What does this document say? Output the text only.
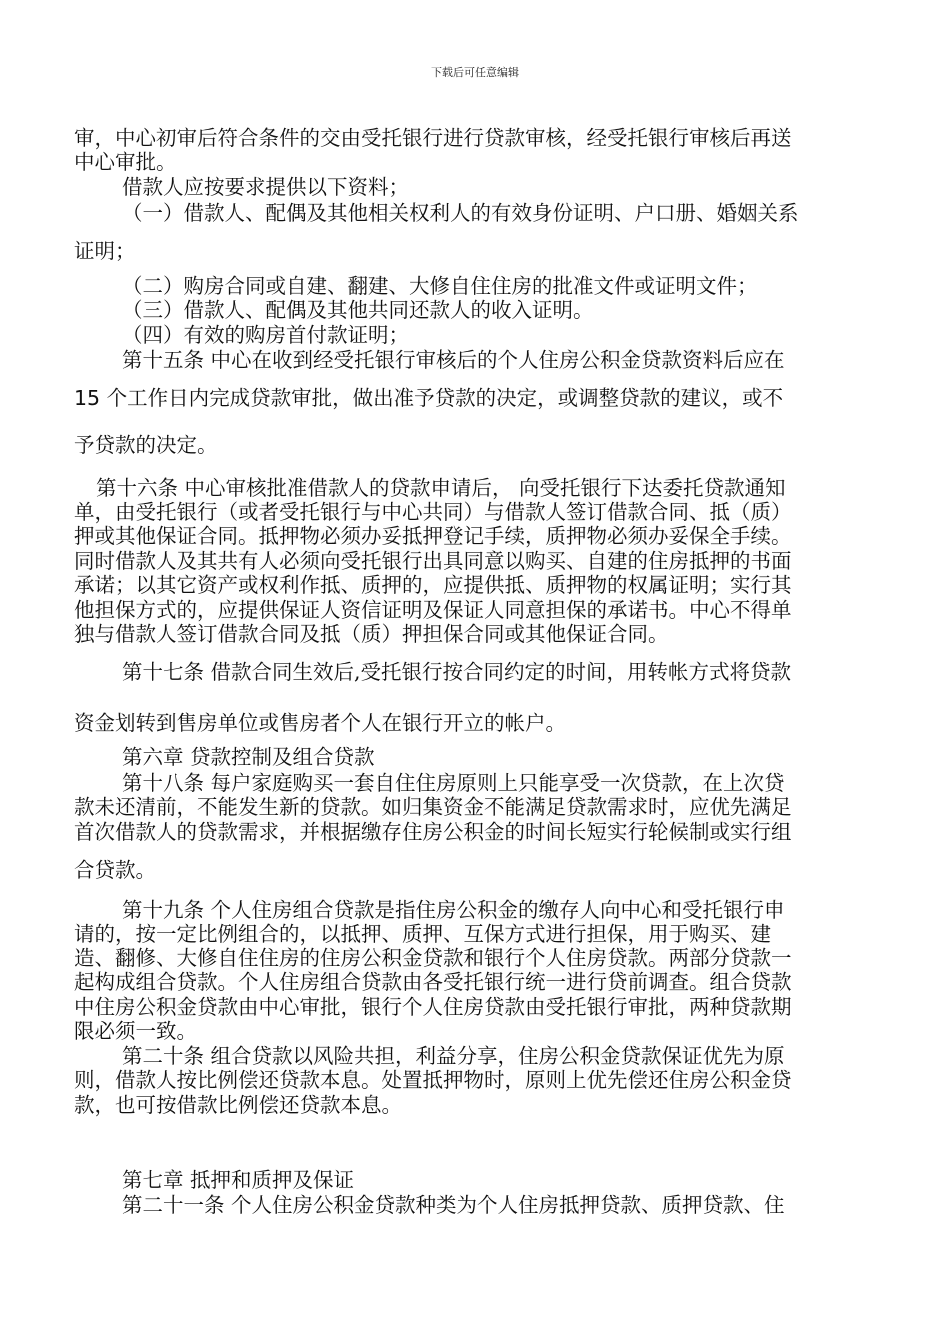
下载后可任意编辑
审，中心初审后符合条件的交由受托银行进行贷款审核，经受托银行审核后再送
中心审批。
借款人应按要求提供以下资料；
（一）借款人、配偶及其他相关权利人的有效身份证明、户口册、婚姻关系
证明；
（二）购房合同或自建、翻建、大修自住住房的批准文件或证明文件；
（三）借款人、配偶及其他共同还款人的收入证明。
（四）有效的购房首付款证明；
第十五条 中心在收到经受托银行审核后的个人住房公积金贷款资料后应在
15 个工作日内完成贷款审批，做出准予贷款的决定，或调整贷款的建议，或不
予贷款的决定。
第十六条 中心审核批准借款人的贷款申请后， 向受托银行下达委托贷款通知
单，由受托银行（或者受托银行与中心共同）与借款人签订借款合同、抵（质）
押或其他保证合同。抵押物必须办妥抵押登记手续，质押物必须办妥保全手续。
同时借款人及其共有人必须向受托银行出具同意以购买、自建的住房抵押的书面
承诺；以其它资产或权利作抵、质押的，应提供抵、质押物的权属证明；实行其
他担保方式的，应提供保证人资信证明及保证人同意担保的承诺书。中心不得单
独与借款人签订借款合同及抵（质）押担保合同或其他保证合同。
第十七条 借款合同生效后,受托银行按合同约定的时间，用转帐方式将贷款
资金划转到售房单位或售房者个人在银行开立的帐户。
第六章 贷款控制及组合贷款
第十八条 每户家庭购买一套自住住房原则上只能享受一次贷款，在上次贷
款未还清前，不能发生新的贷款。如归集资金不能满足贷款需求时，应优先满足
首次借款人的贷款需求，并根据缴存住房公积金的时间长短实行轮候制或实行组
合贷款。
第十九条 个人住房组合贷款是指住房公积金的缴存人向中心和受托银行申
请的，按一定比例组合的，以抵押、质押、互保方式进行担保，用于购买、建
造、翻修、大修自住住房的住房公积金贷款和银行个人住房贷款。两部分贷款一
起构成组合贷款。个人住房组合贷款由各受托银行统一进行贷前调查。组合贷款
中住房公积金贷款由中心审批，银行个人住房贷款由受托银行审批，两种贷款期
限必须一致。
第二十条 组合贷款以风险共担，利益分享，住房公积金贷款保证优先为原
则，借款人按比例偿还贷款本息。处置抵押物时，原则上优先偿还住房公积金贷
款，也可按借款比例偿还贷款本息。
第七章 抵押和质押及保证
第二十一条 个人住房公积金贷款种类为个人住房抵押贷款、质押贷款、住
